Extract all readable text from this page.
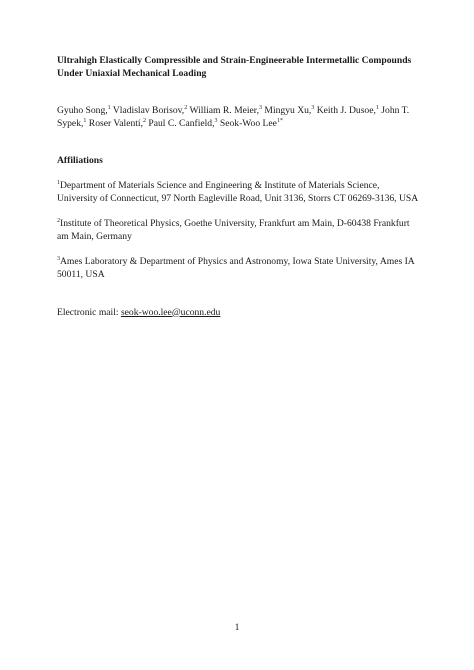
Ultrahigh Elastically Compressible and Strain-Engineerable Intermetallic Compounds Under Uniaxial Mechanical Loading

Gyuho Song,$^1$ Vladislav Borisov,$^2$ William R. Meier,$^3$ Mingyu Xu,$^3$ Keith J. Dusoe,$^1$ John T. Sypek,$^1$ Roser Valentí,$^2$ Paul C. Canfield,$^3$ Seok-Woo Lee$^{1*}$

Affiliations

$^1$Department of Materials Science and Engineering & Institute of Materials Science, University of Connecticut, 97 North Eagleville Road, Unit 3136, Storrs CT 06269-3136, USA

$^2$Institute of Theoretical Physics, Goethe University, Frankfurt am Main, D-60438 Frankfurt am Main, Germany

$^3$Ames Laboratory & Department of Physics and Astronomy, Iowa State University, Ames IA 50011, USA

Electronic mail: seok-woo.lee@uconn.edu

1
